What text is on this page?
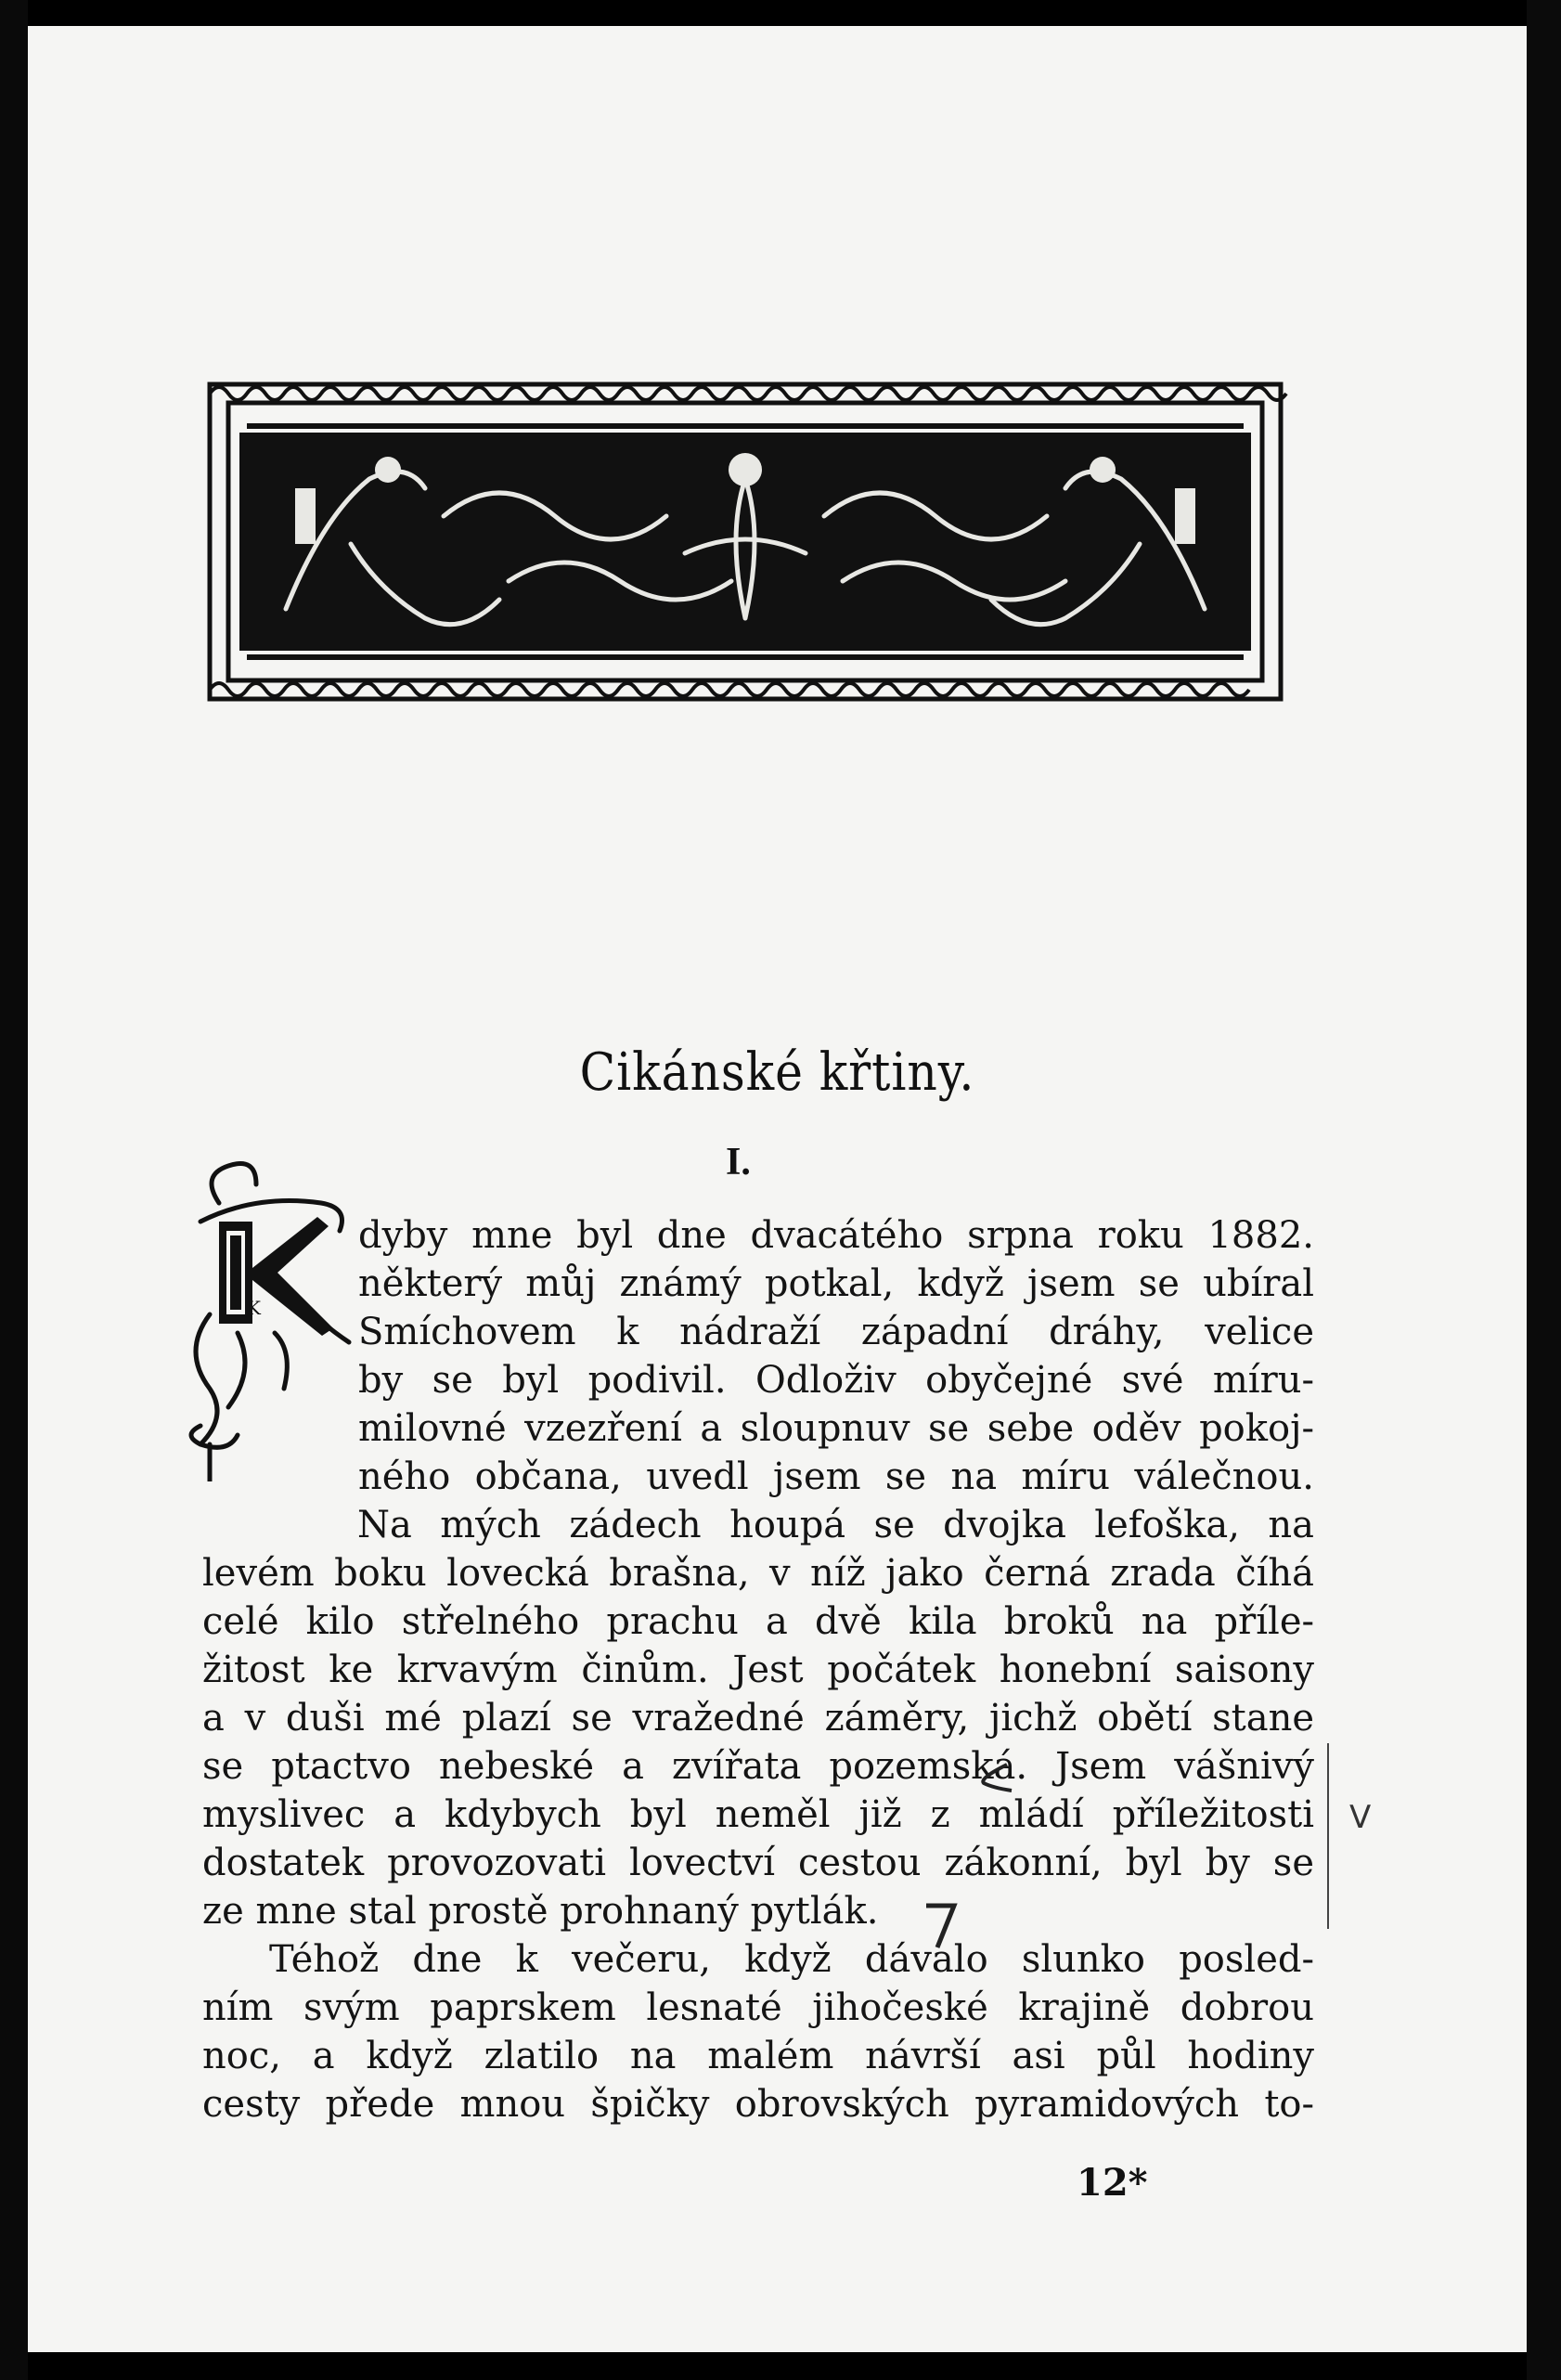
Cikánské křtiny.
I.
K
dyby mne byl dne dvacátého srpna roku 1882.
některý můj známý potkal, když jsem se ubíral
Smíchovem k nádraží západní dráhy, velice
by se byl podivil. Odloživ obyčejné své míru-
milovné vzezření a sloupnuv se sebe oděv pokoj-
ného občana, uvedl jsem se na míru válečnou.
Na mých zádech houpá se dvojka lefoška, na
levém boku lovecká brašna, v níž jako černá zrada číhá
celé kilo střelného prachu a dvě kila broků na příle-
žitost ke krvavým činům. Jest počátek honební saisony
a v duši mé plazí se vražedné záměry, jichž obětí stane
se ptactvo nebeské a zvířata pozemská. Jsem vášnivý
myslivec a kdybych byl neměl již z mládí příležitosti
dostatek provozovati lovectví cestou zákonní, byl by se
ze mne stal prostě prohnaný pytlák.
Téhož dne k večeru, když dávalo slunko posled-
ním svým paprskem lesnaté jihočeské krajině dobrou
noc, a když zlatilo na malém návrší asi půl hodiny
cesty přede mnou špičky obrovských pyramidových to-
12*
V
